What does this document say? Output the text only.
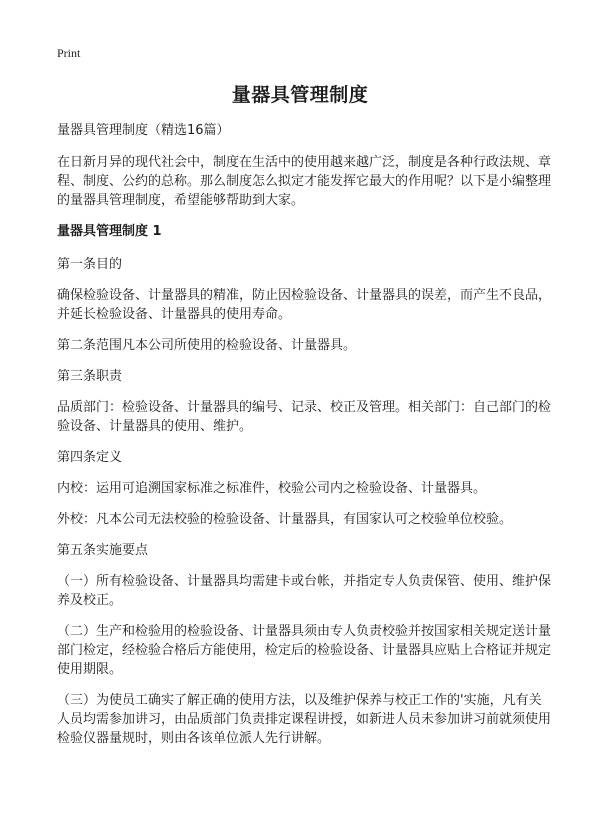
Print
量器具管理制度

量器具管理制度（精选16篇）

在日新月异的现代社会中，制度在生活中的使用越来越广泛，制度是各种行政法规、章程、制度、公约的总称。那么制度怎么拟定才能发挥它最大的作用呢？以下是小编整理的量器具管理制度，希望能够帮助到大家。

量器具管理制度 1

第一条目的

确保检验设备、计量器具的精准，防止因检验设备、计量器具的误差，而产生不良品，并延长检验设备、计量器具的使用寿命。

第二条范围凡本公司所使用的检验设备、计量器具。

第三条职责

品质部门：检验设备、计量器具的编号、记录、校正及管理。相关部门：自己部门的检验设备、计量器具的使用、维护。

第四条定义

内校：运用可追溯国家标准之标准件，校验公司内之检验设备、计量器具。

外校：凡本公司无法校验的检验设备、计量器具，有国家认可之校验单位校验。

第五条实施要点

（一）所有检验设备、计量器具均需建卡或台帐，并指定专人负责保管、使用、维护保养及校正。

（二）生产和检验用的检验设备、计量器具须由专人负责校验并按国家相关规定送计量部门检定，经检验合格后方能使用，检定后的检验设备、计量器具应贴上合格证并规定使用期限。

（三）为使员工确实了解正确的使用方法，以及维护保养与校正工作的'实施，凡有关人员均需参加讲习，由品质部门负责排定课程讲授，如新进人员未参加讲习前就须使用检验仪器量规时，则由各该单位派人先行讲解。
